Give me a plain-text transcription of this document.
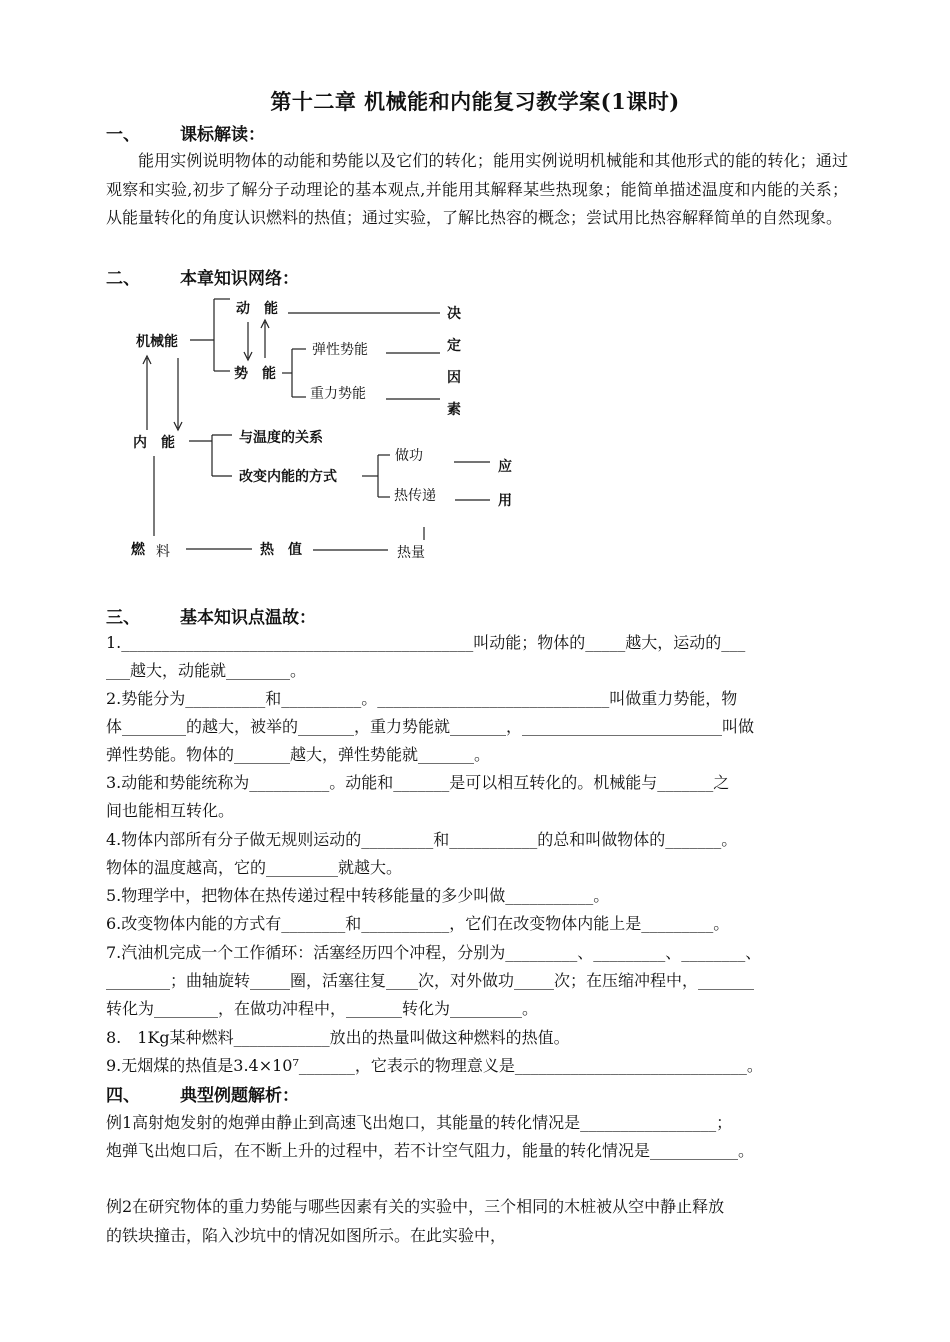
第十二章 机械能和内能复习教学案(1课时)
一、 课标解读：
能用实例说明物体的动能和势能以及它们的转化；能用实例说明机械能和其他形式的能的转化；通过观察和实验,初步了解分子动理论的基本观点,并能用其解释某些热现象；能简单描述温度和内能的关系；从能量转化的角度认识燃料的热值；通过实验，了解比热容的概念；尝试用比热容解释简单的自然现象。
二、 本章知识网络：
机械能
动　能
势　能
弹性势能
重力势能
决
定
因
素
内　能	与温度的关系
改变内能的方式
做功
热传递
应
用
燃 料	热　值	热量
三、 基本知识点温故：
1.____________________________________________叫动能；物体的_____越大，运动的___
___越大，动能就________。
2.势能分为__________和__________。_____________________________叫做重力势能，物
体________的越大，被举的_______，重力势能就_______，_________________________叫做
弹性势能。物体的_______越大，弹性势能就_______。
3.动能和势能统称为__________。动能和_______是可以相互转化的。机械能与_______之
间也能相互转化。
4.物体内部所有分子做无规则运动的_________和___________的总和叫做物体的_______。
物体的温度越高，它的_________就越大。
5.物理学中，把物体在热传递过程中转移能量的多少叫做___________。
6.改变物体内能的方式有________和___________，它们在改变物体内能上是_________。
7.汽油机完成一个工作循环：活塞经历四个冲程，分别为_________、_________、________、
________；曲轴旋转_____圈，活塞往复____次，对外做功_____次；在压缩冲程中，_______
转化为________，在做功冲程中，_______转化为_________。
8.　1Kg某种燃料____________放出的热量叫做这种燃料的热值。
9.无烟煤的热值是3.4×10⁷_______，它表示的物理意义是_____________________________。
四、 典型例题解析：
例1高射炮发射的炮弹由静止到高速飞出炮口，其能量的转化情况是_________________；
炮弹飞出炮口后，在不断上升的过程中，若不计空气阻力，能量的转化情况是___________。
例2在研究物体的重力势能与哪些因素有关的实验中，三个相同的木桩被从空中静止释放
的铁块撞击，陷入沙坑中的情况如图所示。在此实验中，
